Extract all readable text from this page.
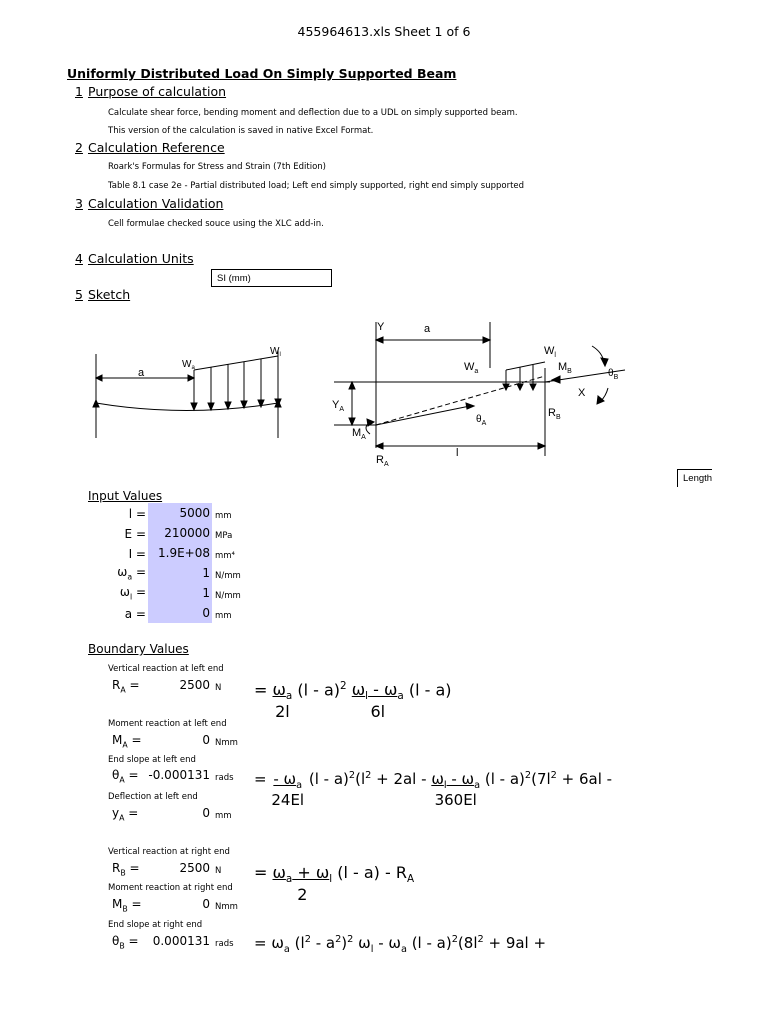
455964613.xls Sheet 1 of 6
Uniformly Distributed Load On Simply Supported Beam
1 Purpose of calculation
Calculate shear force, bending moment and deflection due to a UDL on simply supported beam.
This version of the calculation is saved in native Excel Format.
2 Calculation Reference
Roark's Formulas for Stress and Strain (7th Edition)
Table 8.1 case 2e - Partial distributed load; Left end simply supported, right end simply supported
3 Calculation Validation
Cell formulae checked souce using the XLC add-in.
4 Calculation Units
SI (mm)
5 Sketch
a
$W_a$
$W_l$
Y	a
$W_a$
$W_l$
$M_B$	$\theta_B$
X
$Y_A$	$R_B$
$\theta_A$
$M_A$
l
$R_A$
Length
Input Values
l =	5000 mm
E =	210000 MPa
I =	1.9E+08 mm⁴
$\omega_a$ =	1 N/mm
$\omega_l$ =	1 N/mm
a =	0 mm
Boundary Values
Vertical reaction at left end
$R_A$ =	2500 N
Moment reaction at left end
$M_A$ =	0 Nmm
End slope at left end
$\theta_A = -0.000131$ rads
Deflection at left end
$y_A$ =	0 mm
Vertical reaction at right end
$R_B$ =	2500 N
Moment reaction at right end
$M_B$ =	0 Nmm
End slope at right end
$\theta_B$ =	0.000131 rads
= $\frac{\omega_a}{2l} (l - a)^2 \frac{\omega_l - \omega_a}{6l} (l - a)$
= $\frac{- \omega_a}{24El} (l - a)^2(l^2 + 2al - \frac{\omega_l - \omega_a}{360El} (l - a)^2(7l^2 + 6al$ -
= $\frac{\omega_a + \omega_l}{2} (l - a) - R_A$
= $\omega_a$ $(l^2 - a^2)^2$ $\omega_l - \omega_a$ $(l - a)^2(8l^2 + 9al$ +
